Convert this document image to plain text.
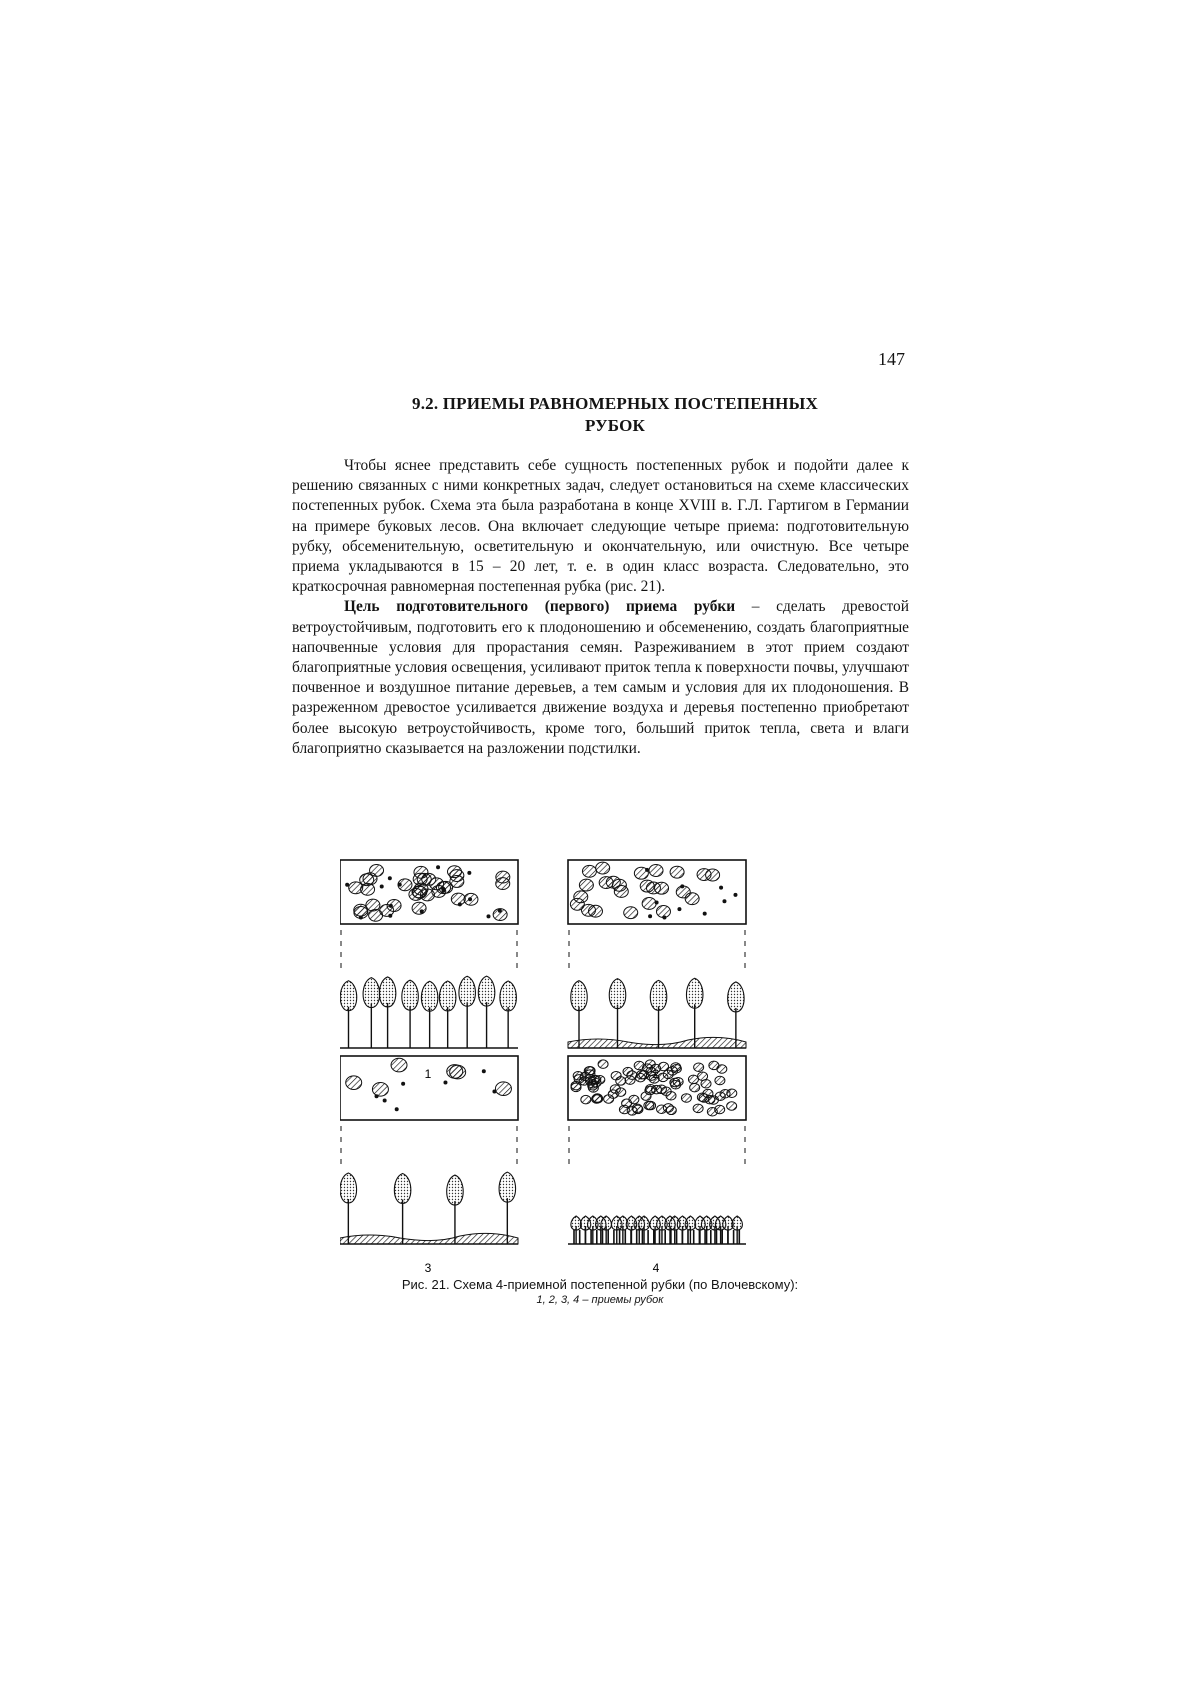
147
9.2. ПРИЕМЫ РАВНОМЕРНЫХ ПОСТЕПЕННЫХ
РУБОК

Чтобы яснее представить себе сущность постепенных рубок и подойти далее к решению связанных с ними конкретных задач, следует остановиться на схеме классических постепенных рубок. Схема эта была разработана в конце XVIII в. Г.Л. Гартигом в Германии на примере буковых лесов. Она включает следующие четыре приема: подготовительную рубку, обсеменительную, осветительную и окончательную, или очистную. Все четыре приема укладываются в 15 – 20 лет, т. е. в один класс возраста. Следовательно, это краткосрочная равномерная постепенная рубка (рис. 21).

Цель подготовительного (первого) приема рубки – сделать древостой ветроустойчивым, подготовить его к плодоношению и обсеменению, создать благоприятные напочвенные условия для прорастания семян. Разреживанием в этот прием создают благоприятные условия освещения, усиливают приток тепла к поверхности почвы, улучшают почвенное и воздушное питание деревьев, а тем самым и условия для их плодоношения. В разреженном древостое усиливается движение воздуха и деревья постепенно приобретают более высокую ветроустойчивость, кроме того, больший приток тепла, света и влаги благоприятно сказывается на разложении подстилки.

1	2
3	4
Рис. 21. Схема 4-приемной постепенной рубки (по Влочевскому):
1, 2, 3, 4 – приемы рубок
